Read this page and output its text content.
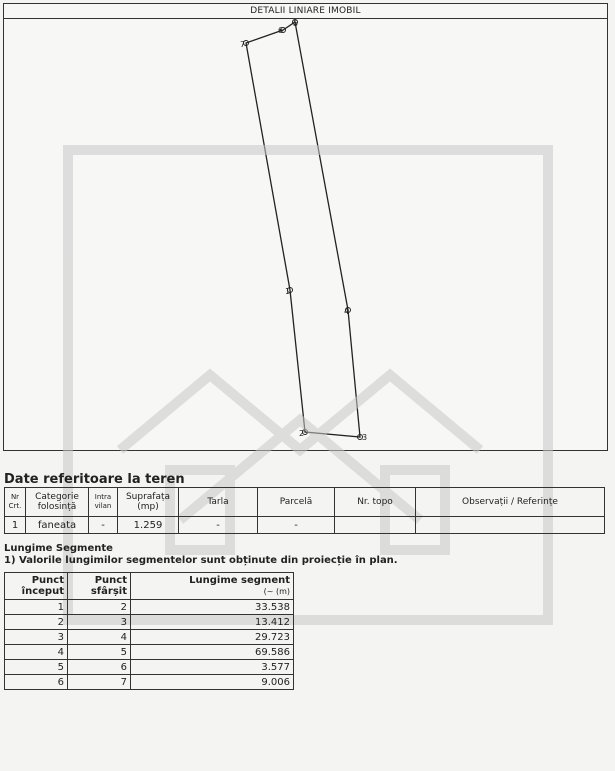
DETALII LINIARE IMOBIL
1
2	3
4
5
6
7
Date referitoare la teren
Nr Crt.	Categorie folosință	Intra vilan	Suprafața (mp)	Tarla	Parcelă	Nr. topo	Observații / Referințe
1	faneata	-	1.259	-	-		
Lungime Segmente
1) Valorile lungimilor segmentelor sunt obținute din proiecție în plan.
Punct început	Punct sfârșit	Lungime segment
(~ (m)
1	2	33.538
2	3	13.412
3	4	29.723
4	5	69.586
5	6	3.577
6	7	9.006
